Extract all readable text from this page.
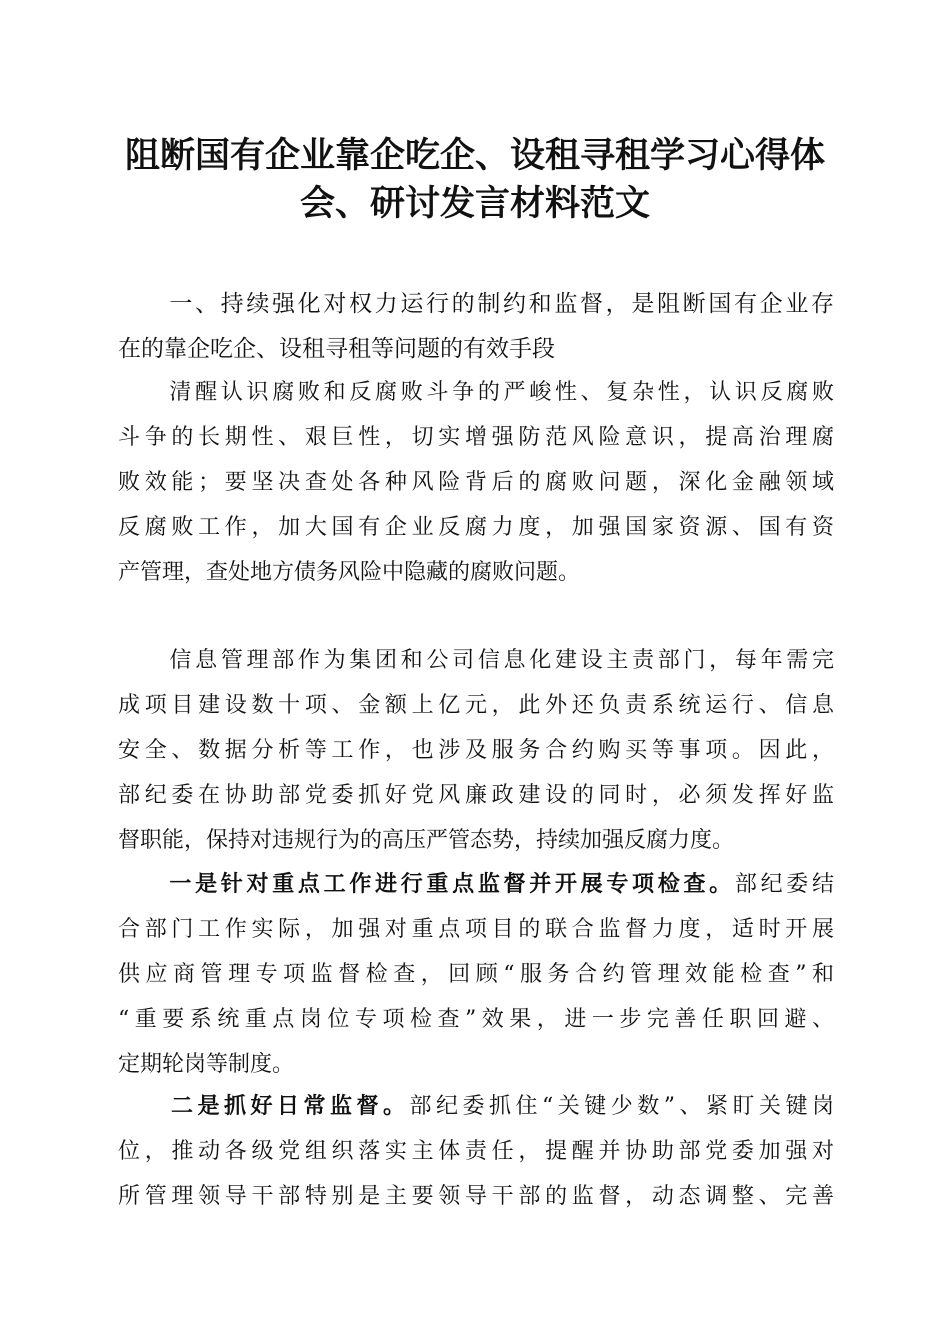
阻断国有企业靠企吃企、设租寻租学习心得体
会、研讨发言材料范文
　　一、持续强化对权力运行的制约和监督，是阻断国有企业存
在的靠企吃企、设租寻租等问题的有效手段
　　清醒认识腐败和反腐败斗争的严峻性、复杂性，认识反腐败
斗争的长期性、艰巨性，切实增强防范风险意识，提高治理腐
败效能；要坚决查处各种风险背后的腐败问题，深化金融领域
反腐败工作，加大国有企业反腐力度，加强国家资源、国有资
产管理，查处地方债务风险中隐藏的腐败问题。
　　信息管理部作为集团和公司信息化建设主责部门，每年需完
成项目建设数十项、金额上亿元，此外还负责系统运行、信息
安全、数据分析等工作，也涉及服务合约购买等事项。因此，
部纪委在协助部党委抓好党风廉政建设的同时，必须发挥好监
督职能，保持对违规行为的高压严管态势，持续加强反腐力度。
　　一是针对重点工作进行重点监督并开展专项检查。部纪委结
合部门工作实际，加强对重点项目的联合监督力度，适时开展
供应商管理专项监督检查，回顾“服务合约管理效能检查”和
“重要系统重点岗位专项检查”效果，进一步完善任职回避、
定期轮岗等制度。
　　二是抓好日常监督。部纪委抓住“关键少数”、紧盯关键岗
位，推动各级党组织落实主体责任，提醒并协助部党委加强对
所管理领导干部特别是主要领导干部的监督，动态调整、完善
